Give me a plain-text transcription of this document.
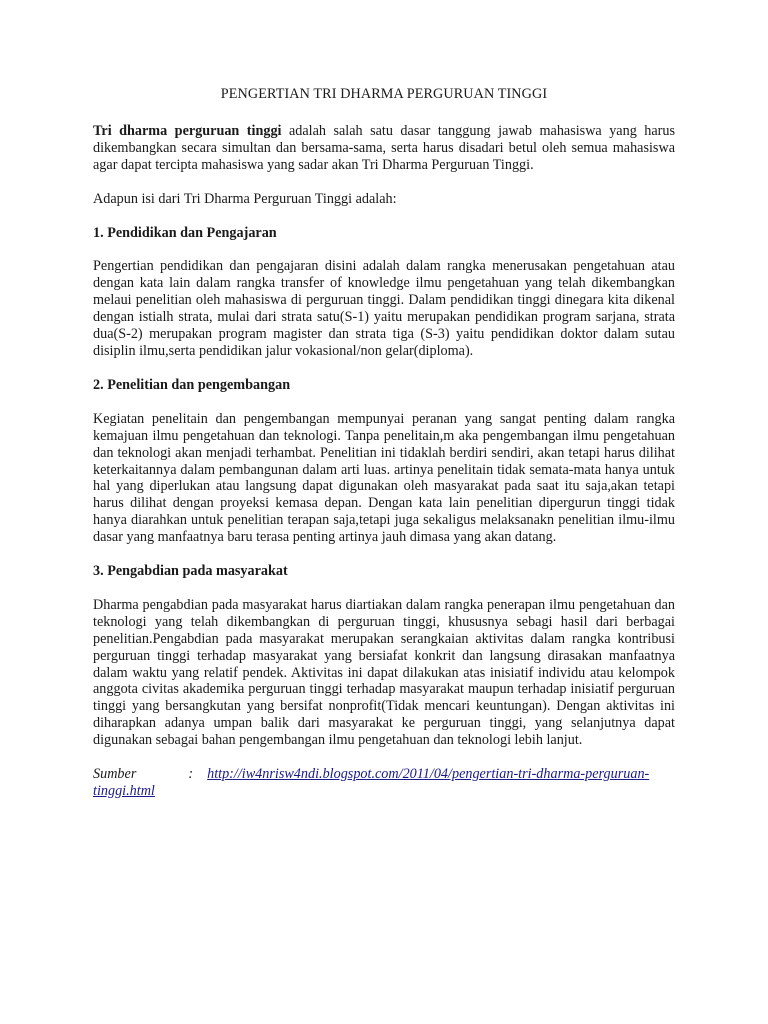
PENGERTIAN TRI DHARMA PERGURUAN TINGGI

Tri dharma perguruan tinggi adalah salah satu dasar tanggung jawab mahasiswa yang harus dikembangkan secara simultan dan bersama-sama, serta harus disadari betul oleh semua mahasiswa agar dapat tercipta mahasiswa yang sadar akan Tri Dharma Perguruan Tinggi.

Adapun isi dari Tri Dharma Perguruan Tinggi adalah:

1. Pendidikan dan Pengajaran

Pengertian pendidikan dan pengajaran disini adalah dalam rangka menerusakan pengetahuan atau dengan kata lain dalam rangka transfer of knowledge ilmu pengetahuan yang telah dikembangkan melaui penelitian oleh mahasiswa di perguruan tinggi. Dalam pendidikan tinggi dinegara kita dikenal dengan istialh strata, mulai dari strata satu(S-1) yaitu merupakan pendidikan program sarjana, strata dua(S-2) merupakan program magister dan strata tiga (S-3) yaitu pendidikan doktor dalam sutau disiplin ilmu,serta pendidikan jalur vokasional/non gelar(diploma).

2. Penelitian dan pengembangan

Kegiatan penelitain dan pengembangan mempunyai peranan yang sangat penting dalam rangka kemajuan ilmu pengetahuan dan teknologi. Tanpa penelitain,m aka pengembangan ilmu pengetahuan dan teknologi akan menjadi terhambat. Penelitian ini tidaklah berdiri sendiri, akan tetapi harus dilihat keterkaitannya dalam pembangunan dalam arti luas. artinya penelitain tidak semata-mata hanya untuk hal yang diperlukan atau langsung dapat digunakan oleh masyarakat pada saat itu saja,akan tetapi harus dilihat dengan proyeksi kemasa depan. Dengan kata lain penelitian dipergurun tinggi tidak hanya diarahkan untuk penelitian terapan saja,tetapi juga sekaligus melaksanakn penelitian ilmu-ilmu dasar yang manfaatnya baru terasa penting artinya jauh dimasa yang akan datang.

3. Pengabdian pada masyarakat

Dharma pengabdian pada masyarakat harus diartiakan dalam rangka penerapan ilmu pengetahuan dan teknologi yang telah dikembangkan di perguruan tinggi, khususnya sebagi hasil dari berbagai penelitian.Pengabdian pada masyarakat merupakan serangkaian aktivitas dalam rangka kontribusi perguruan tinggi terhadap masyarakat yang bersiafat konkrit dan langsung dirasakan manfaatnya dalam waktu yang relatif pendek. Aktivitas ini dapat dilakukan atas inisiatif individu atau kelompok anggota civitas akademika perguruan tinggi terhadap masyarakat maupun terhadap inisiatif perguruan tinggi yang bersangkutan yang bersifat nonprofit(Tidak mencari keuntungan). Dengan aktivitas ini diharapkan adanya umpan balik dari masyarakat ke perguruan tinggi, yang selanjutnya dapat digunakan sebagai bahan pengembangan ilmu pengetahuan dan teknologi lebih lanjut.

Sumber	: http://iw4nrisw4ndi.blogspot.com/2011/04/pengertian-tri-dharma-perguruan-tinggi.html
